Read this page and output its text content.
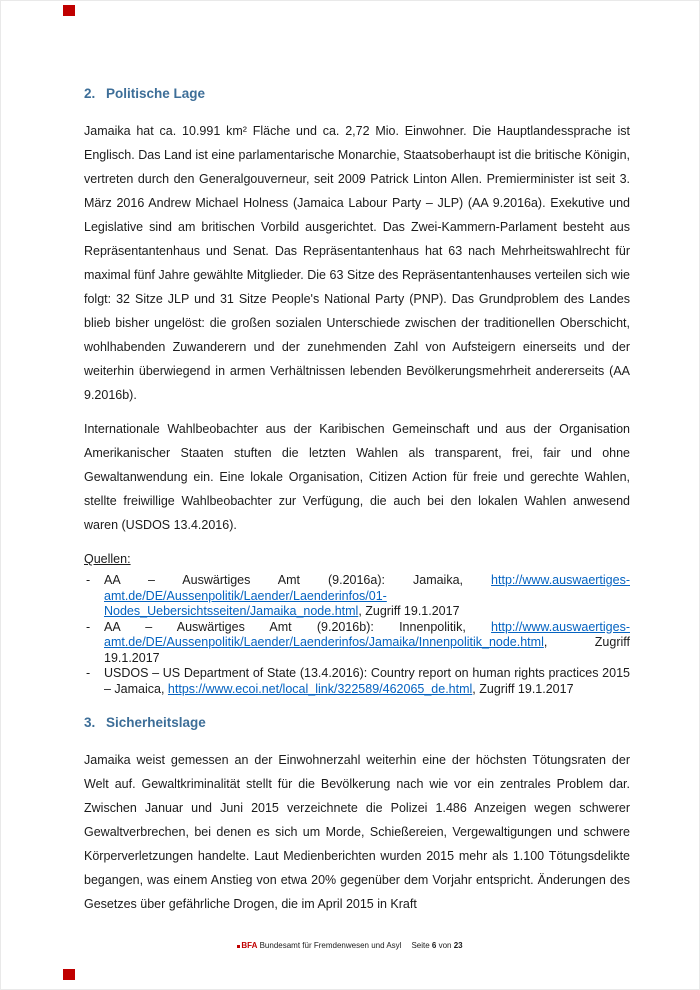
2. Politische Lage

Jamaika hat ca. 10.991 km² Fläche und ca. 2,72 Mio. Einwohner. Die Hauptlandessprache ist Englisch. Das Land ist eine parlamentarische Monarchie, Staatsoberhaupt ist die britische Königin, vertreten durch den Generalgouverneur, seit 2009 Patrick Linton Allen. Premierminister ist seit 3. März 2016 Andrew Michael Holness (Jamaica Labour Party – JLP) (AA 9.2016a). Exekutive und Legislative sind am britischen Vorbild ausgerichtet. Das Zwei-Kammern-Parlament besteht aus Repräsentantenhaus und Senat. Das Repräsentantenhaus hat 63 nach Mehrheitswahlrecht für maximal fünf Jahre gewählte Mitglieder. Die 63 Sitze des Repräsentantenhauses verteilen sich wie folgt: 32 Sitze JLP und 31 Sitze People's National Party (PNP). Das Grundproblem des Landes blieb bisher ungelöst: die großen sozialen Unterschiede zwischen der traditionellen Oberschicht, wohlhabenden Zuwanderern und der zunehmenden Zahl von Aufsteigern einerseits und der weiterhin überwiegend in armen Verhältnissen lebenden Bevölkerungsmehrheit andererseits (AA 9.2016b).

Internationale Wahlbeobachter aus der Karibischen Gemeinschaft und aus der Organisation Amerikanischer Staaten stuften die letzten Wahlen als transparent, frei, fair und ohne Gewaltanwendung ein. Eine lokale Organisation, Citizen Action für freie und gerechte Wahlen, stellte freiwillige Wahlbeobachter zur Verfügung, die auch bei den lokalen Wahlen anwesend waren (USDOS 13.4.2016).

Quellen:
- AA – Auswärtiges Amt (9.2016a): Jamaika, http://www.auswaertiges-amt.de/DE/Aussenpolitik/Laender/Laenderinfos/01-Nodes_Uebersichtsseiten/Jamaika_node.html, Zugriff 19.1.2017
- AA – Auswärtiges Amt (9.2016b): Innenpolitik, http://www.auswaertiges-amt.de/DE/Aussenpolitik/Laender/Laenderinfos/Jamaika/Innenpolitik_node.html, Zugriff 19.1.2017
- USDOS – US Department of State (13.4.2016): Country report on human rights practices 2015 – Jamaica, https://www.ecoi.net/local_link/322589/462065_de.html, Zugriff 19.1.2017
3. Sicherheitslage

Jamaika weist gemessen an der Einwohnerzahl weiterhin eine der höchsten Tötungsraten der Welt auf. Gewaltkriminalität stellt für die Bevölkerung nach wie vor ein zentrales Problem dar. Zwischen Januar und Juni 2015 verzeichnete die Polizei 1.486 Anzeigen wegen schwerer Gewaltverbrechen, bei denen es sich um Morde, Schießereien, Vergewaltigungen und schwere Körperverletzungen handelte. Laut Medienberichten wurden 2015 mehr als 1.100 Tötungsdelikte begangen, was einem Anstieg von etwa 20% gegenüber dem Vorjahr entspricht. Änderungen des Gesetzes über gefährliche Drogen, die im April 2015 in Kraft

BFA Bundesamt für Fremdenwesen und Asyl Seite 6 von 23
